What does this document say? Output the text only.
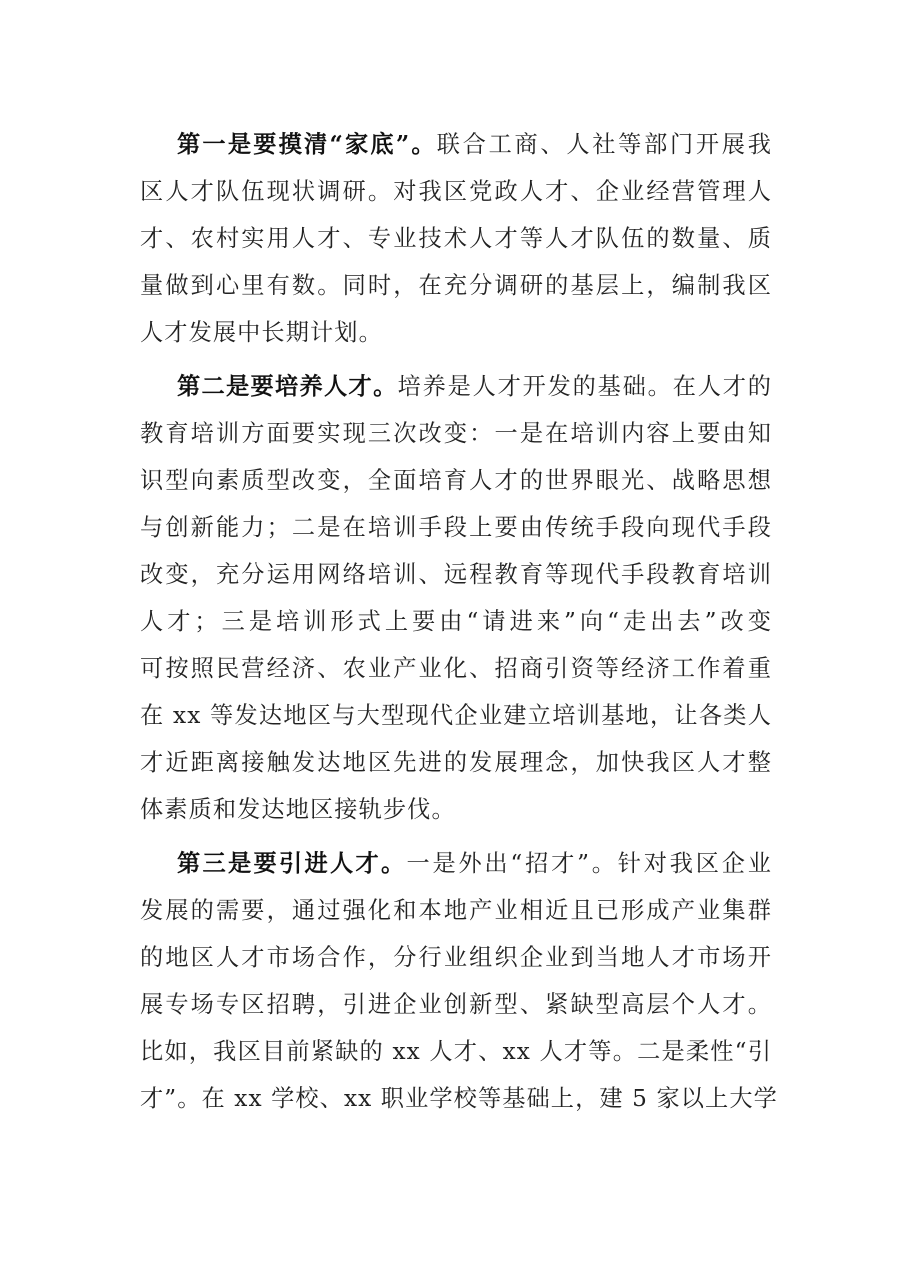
第一是要摸清“家底”。联合工商、人社等部门开展我
区人才队伍现状调研。对我区党政人才、企业经营管理人
才、农村实用人才、专业技术人才等人才队伍的数量、质
量做到心里有数。同时，在充分调研的基层上，编制我区
人才发展中长期计划。
第二是要培养人才。培养是人才开发的基础。在人才的
教育培训方面要实现三次改变：一是在培训内容上要由知
识型向素质型改变，全面培育人才的世界眼光、战略思想
与创新能力；二是在培训手段上要由传统手段向现代手段
改变，充分运用网络培训、远程教育等现代手段教育培训
人才；三是培训形式上要由“请进来”向“走出去”改变
可按照民营经济、农业产业化、招商引资等经济工作着重
在 xx 等发达地区与大型现代企业建立培训基地，让各类人
才近距离接触发达地区先进的发展理念，加快我区人才整
体素质和发达地区接轨步伐。
第三是要引进人才。一是外出“招才”。针对我区企业
发展的需要，通过强化和本地产业相近且已形成产业集群
的地区人才市场合作，分行业组织企业到当地人才市场开
展专场专区招聘，引进企业创新型、紧缺型高层个人才。
比如，我区目前紧缺的 xx 人才、xx 人才等。二是柔性“引
才”。在 xx 学校、xx 职业学校等基础上，建 5 家以上大学
